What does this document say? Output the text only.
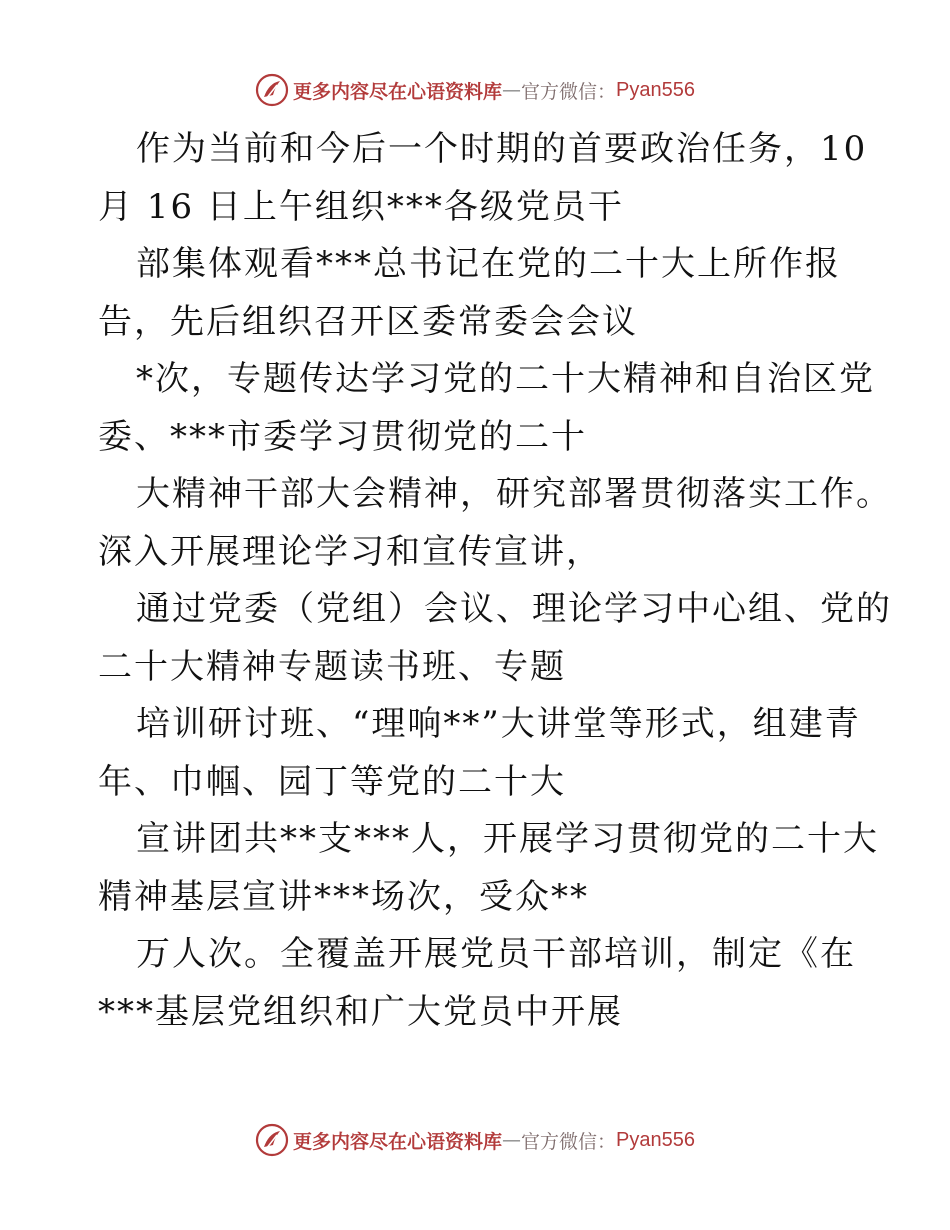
更多内容尽在心语资料库 — 官方微信： Pyan556
作为当前和今后一个时期的首要政治任务，10
月 16 日上午组织***各级党员干
部集体观看***总书记在党的二十大上所作报
告，先后组织召开区委常委会会议
*次，专题传达学习党的二十大精神和自治区党
委、***市委学习贯彻党的二十
大精神干部大会精神，研究部署贯彻落实工作。
深入开展理论学习和宣传宣讲，
通过党委（党组）会议、理论学习中心组、党的
二十大精神专题读书班、专题
培训研讨班、“理响**”大讲堂等形式，组建青
年、巾帼、园丁等党的二十大
宣讲团共**支***人，开展学习贯彻党的二十大
精神基层宣讲***场次，受众**
万人次。全覆盖开展党员干部培训，制定《在
***基层党组织和广大党员中开展
更多内容尽在心语资料库 — 官方微信： Pyan556
